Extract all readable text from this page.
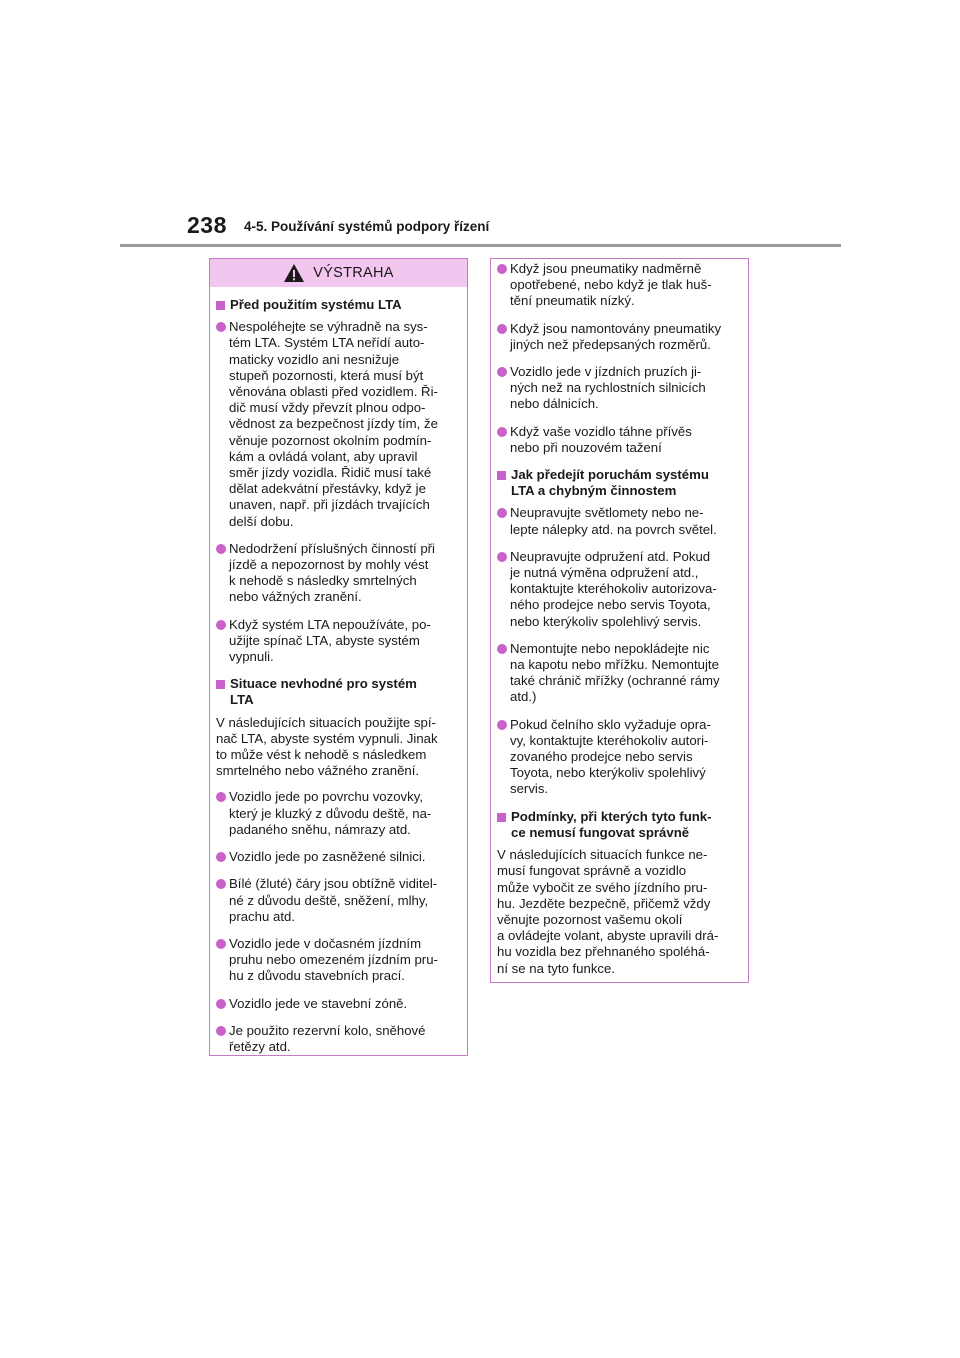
238 4-5. Používání systémů podpory řízení
VÝSTRAHA
Před použitím systému LTA
Nespoléhejte se výhradně na sys-
tém LTA. Systém LTA neřídí auto-
maticky vozidlo ani nesnižuje
stupeň pozornosti, která musí být
věnována oblasti před vozidlem. Ři-
dič musí vždy převzít plnou odpo-
vědnost za bezpečnost jízdy tím, že
věnuje pozornost okolním podmín-
kám a ovládá volant, aby upravil
směr jízdy vozidla. Řidič musí také
dělat adekvátní přestávky, když je
unaven, např. při jízdách trvajících
delší dobu.
Nedodržení příslušných činností při
jízdě a nepozornost by mohly vést
k nehodě s následky smrtelných
nebo vážných zranění.
Když systém LTA nepoužíváte, po-
užijte spínač LTA, abyste systém
vypnuli.
Situace nevhodné pro systém
LTA
V následujících situacích použijte spí-
nač LTA, abyste systém vypnuli. Jinak
to může vést k nehodě s následkem
smrtelného nebo vážného zranění.
Vozidlo jede po povrchu vozovky,
který je kluzký z důvodu deště, na-
padaného sněhu, námrazy atd.
Vozidlo jede po zasněžené silnici.
Bílé (žluté) čáry jsou obtížně viditel-
né z důvodu deště, sněžení, mlhy,
prachu atd.
Vozidlo jede v dočasném jízdním
pruhu nebo omezeném jízdním pru-
hu z důvodu stavebních prací.
Vozidlo jede ve stavební zóně.
Je použito rezervní kolo, sněhové
řetězy atd.
Když jsou pneumatiky nadměrně
opotřebené, nebo když je tlak huš-
tění pneumatik nízký.
Když jsou namontovány pneumatiky
jiných než předepsaných rozměrů.
Vozidlo jede v jízdních pruzích ji-
ných než na rychlostních silnicích
nebo dálnicích.
Když vaše vozidlo táhne přívěs
nebo při nouzovém tažení
Jak předejít poruchám systému
LTA a chybným činnostem
Neupravujte světlomety nebo ne-
lepte nálepky atd. na povrch světel.
Neupravujte odpružení atd. Pokud
je nutná výměna odpružení atd.,
kontaktujte kteréhokoliv autorizova-
ného prodejce nebo servis Toyota,
nebo kterýkoliv spolehlivý servis.
Nemontujte nebo nepokládejte nic
na kapotu nebo mřížku. Nemontujte
také chránič mřížky (ochranné rámy
atd.)
Pokud čelního sklo vyžaduje opra-
vy, kontaktujte kteréhokoliv autori-
zovaného prodejce nebo servis
Toyota, nebo kterýkoliv spolehlivý
servis.
Podmínky, při kterých tyto funk-
ce nemusí fungovat správně
V následujících situacích funkce ne-
musí fungovat správně a vozidlo
může vybočit ze svého jízdního pru-
hu. Jezděte bezpečně, přičemž vždy
věnujte pozornost vašemu okolí
a ovládejte volant, abyste upravili drá-
hu vozidla bez přehnaného spoléhá-
ní se na tyto funkce.
